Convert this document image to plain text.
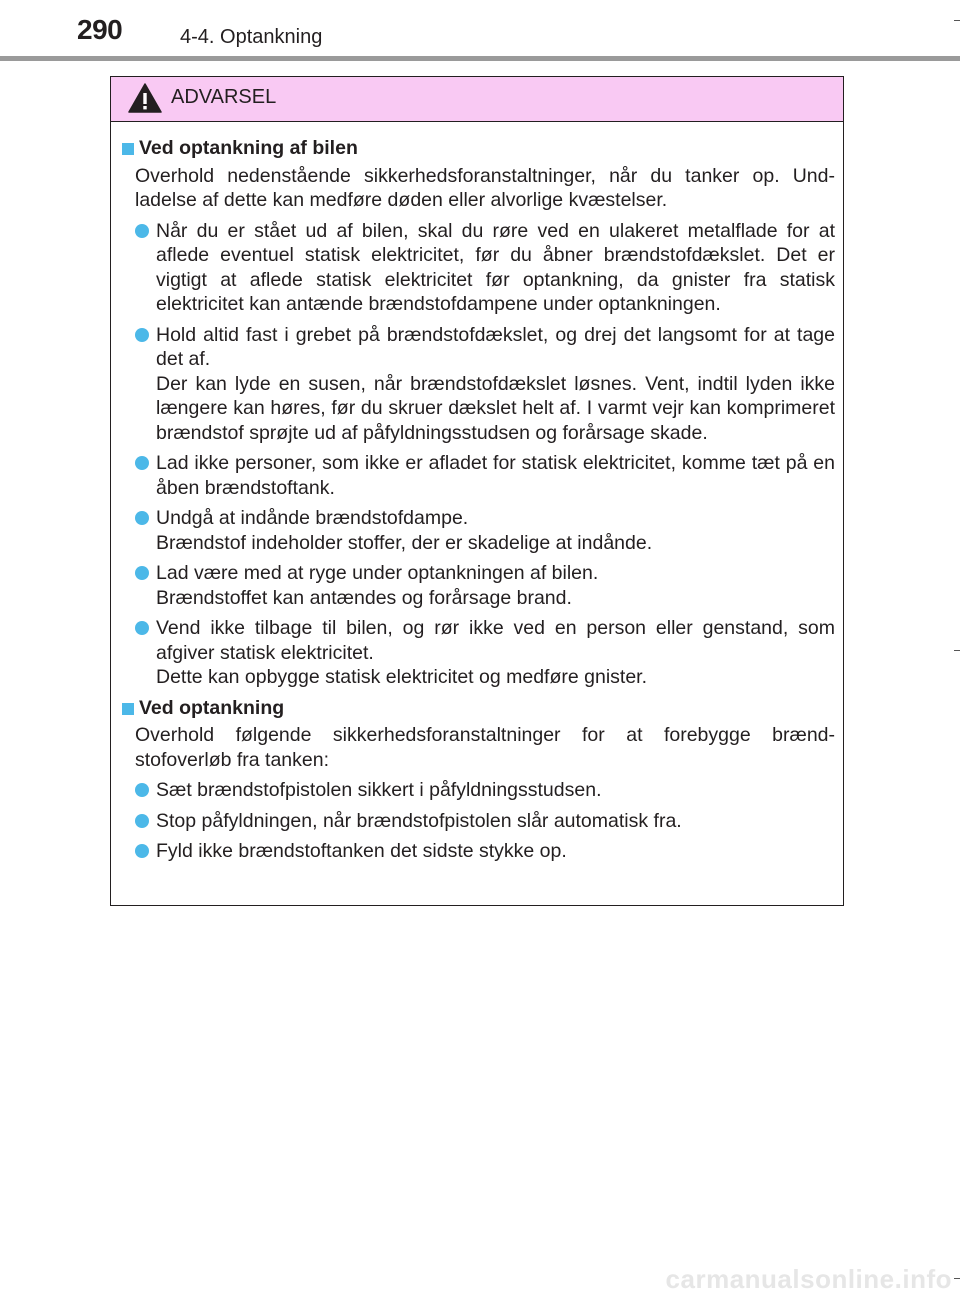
290	4-4. Optankning
ADVARSEL
Ved optankning af bilen
Overhold nedenstående sikkerhedsforanstaltninger, når du tanker op. Und-ladelse af dette kan medføre døden eller alvorlige kvæstelser.

Når du er stået ud af bilen, skal du røre ved en ulakeret metalflade for at aflede eventuel statisk elektricitet, før du åbner brændstofdækslet. Det er vigtigt at aflede statisk elektricitet før optankning, da gnister fra statisk elektricitet kan antænde brændstofdampene under optankningen.

Hold altid fast i grebet på brændstofdækslet, og drej det langsomt for at tage det af.

Der kan lyde en susen, når brændstofdækslet løsnes. Vent, indtil lyden ikke længere kan høres, før du skruer dækslet helt af. I varmt vejr kan komprimeret brændstof sprøjte ud af påfyldningsstudsen og forårsage skade.

Lad ikke personer, som ikke er afladet for statisk elektricitet, komme tæt på en åben brændstoftank.

Undgå at indånde brændstofdampe.

Brændstof indeholder stoffer, der er skadelige at indånde.

Lad være med at ryge under optankningen af bilen.

Brændstoffet kan antændes og forårsage brand.

Vend ikke tilbage til bilen, og rør ikke ved en person eller genstand, som afgiver statisk elektricitet.

Dette kan opbygge statisk elektricitet og medføre gnister.

Ved optankning
Overhold følgende sikkerhedsforanstaltninger for at forebygge brænd-stofoverløb fra tanken:

Sæt brændstofpistolen sikkert i påfyldningsstudsen.

Stop påfyldningen, når brændstofpistolen slår automatisk fra.

Fyld ikke brændstoftanken det sidste stykke op.

carmanualsonline.info
